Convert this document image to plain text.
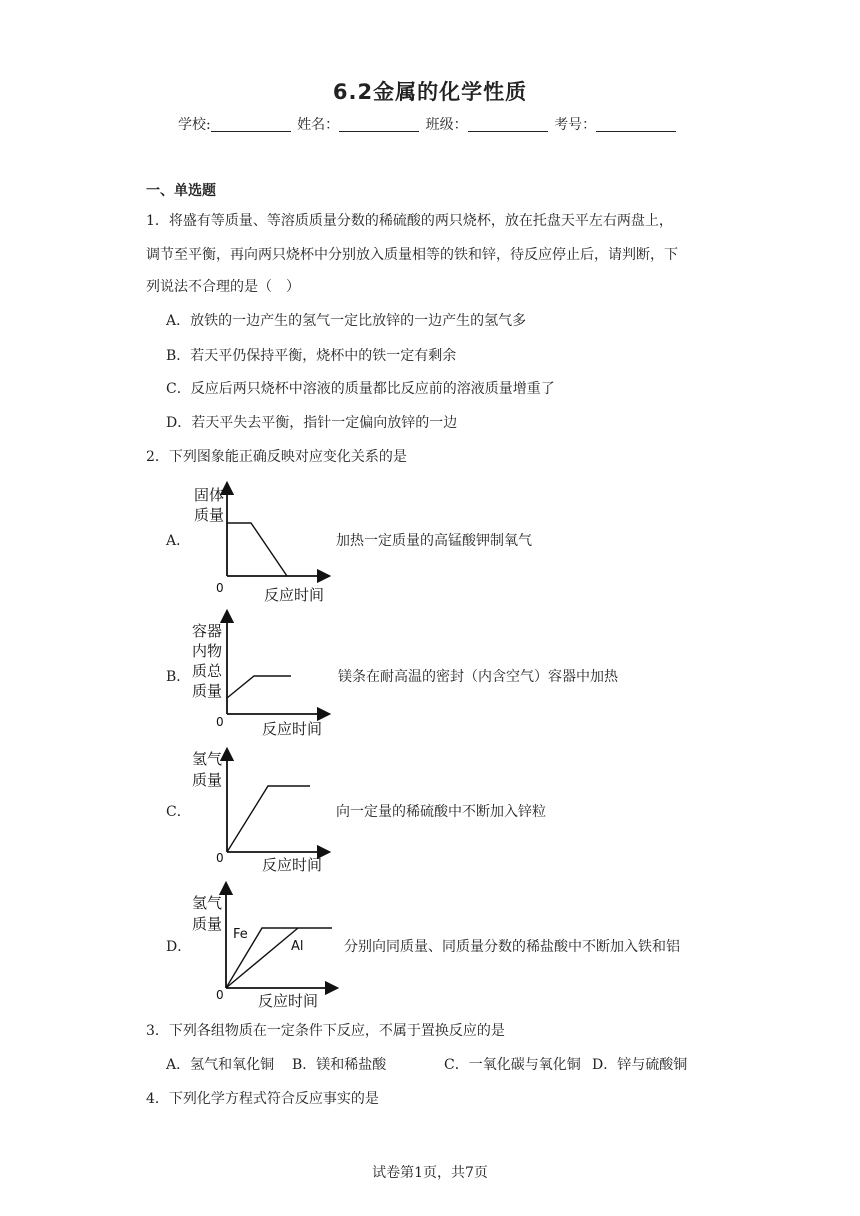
6.2金属的化学性质
学校:	姓名：	班级：	考号：
一、单选题
1．将盛有等质量、等溶质质量分数的稀硫酸的两只烧杯，放在托盘天平左右两盘上，
调节至平衡，再向两只烧杯中分别放入质量相等的铁和锌，待反应停止后，请判断，下
列说法不合理的是（　）
A．放铁的一边产生的氢气一定比放锌的一边产生的氢气多
B．若天平仍保持平衡，烧杯中的铁一定有剩余
C．反应后两只烧杯中溶液的质量都比反应前的溶液质量增重了
D．若天平失去平衡，指针一定偏向放锌的一边
2．下列图象能正确反映对应变化关系的是
A．
固体
质量
0	反应时间
加热一定质量的高锰酸钾制氧气
B．
容器
内物
质总
质量
0	反应时间
镁条在耐高温的密封（内含空气）容器中加热
C．
氢气
质量
0	反应时间
向一定量的稀硫酸中不断加入锌粒
D．
氢气
质量
Fe
Al
0 反应时间
分别向同质量、同质量分数的稀盐酸中不断加入铁和铝
3．下列各组物质在一定条件下反应，不属于置换反应的是
A．氢气和氧化铜 B．镁和稀盐酸	C．一氧化碳与氧化铜 D．锌与硫酸铜
4．下列化学方程式符合反应事实的是
试卷第1页，共7页
